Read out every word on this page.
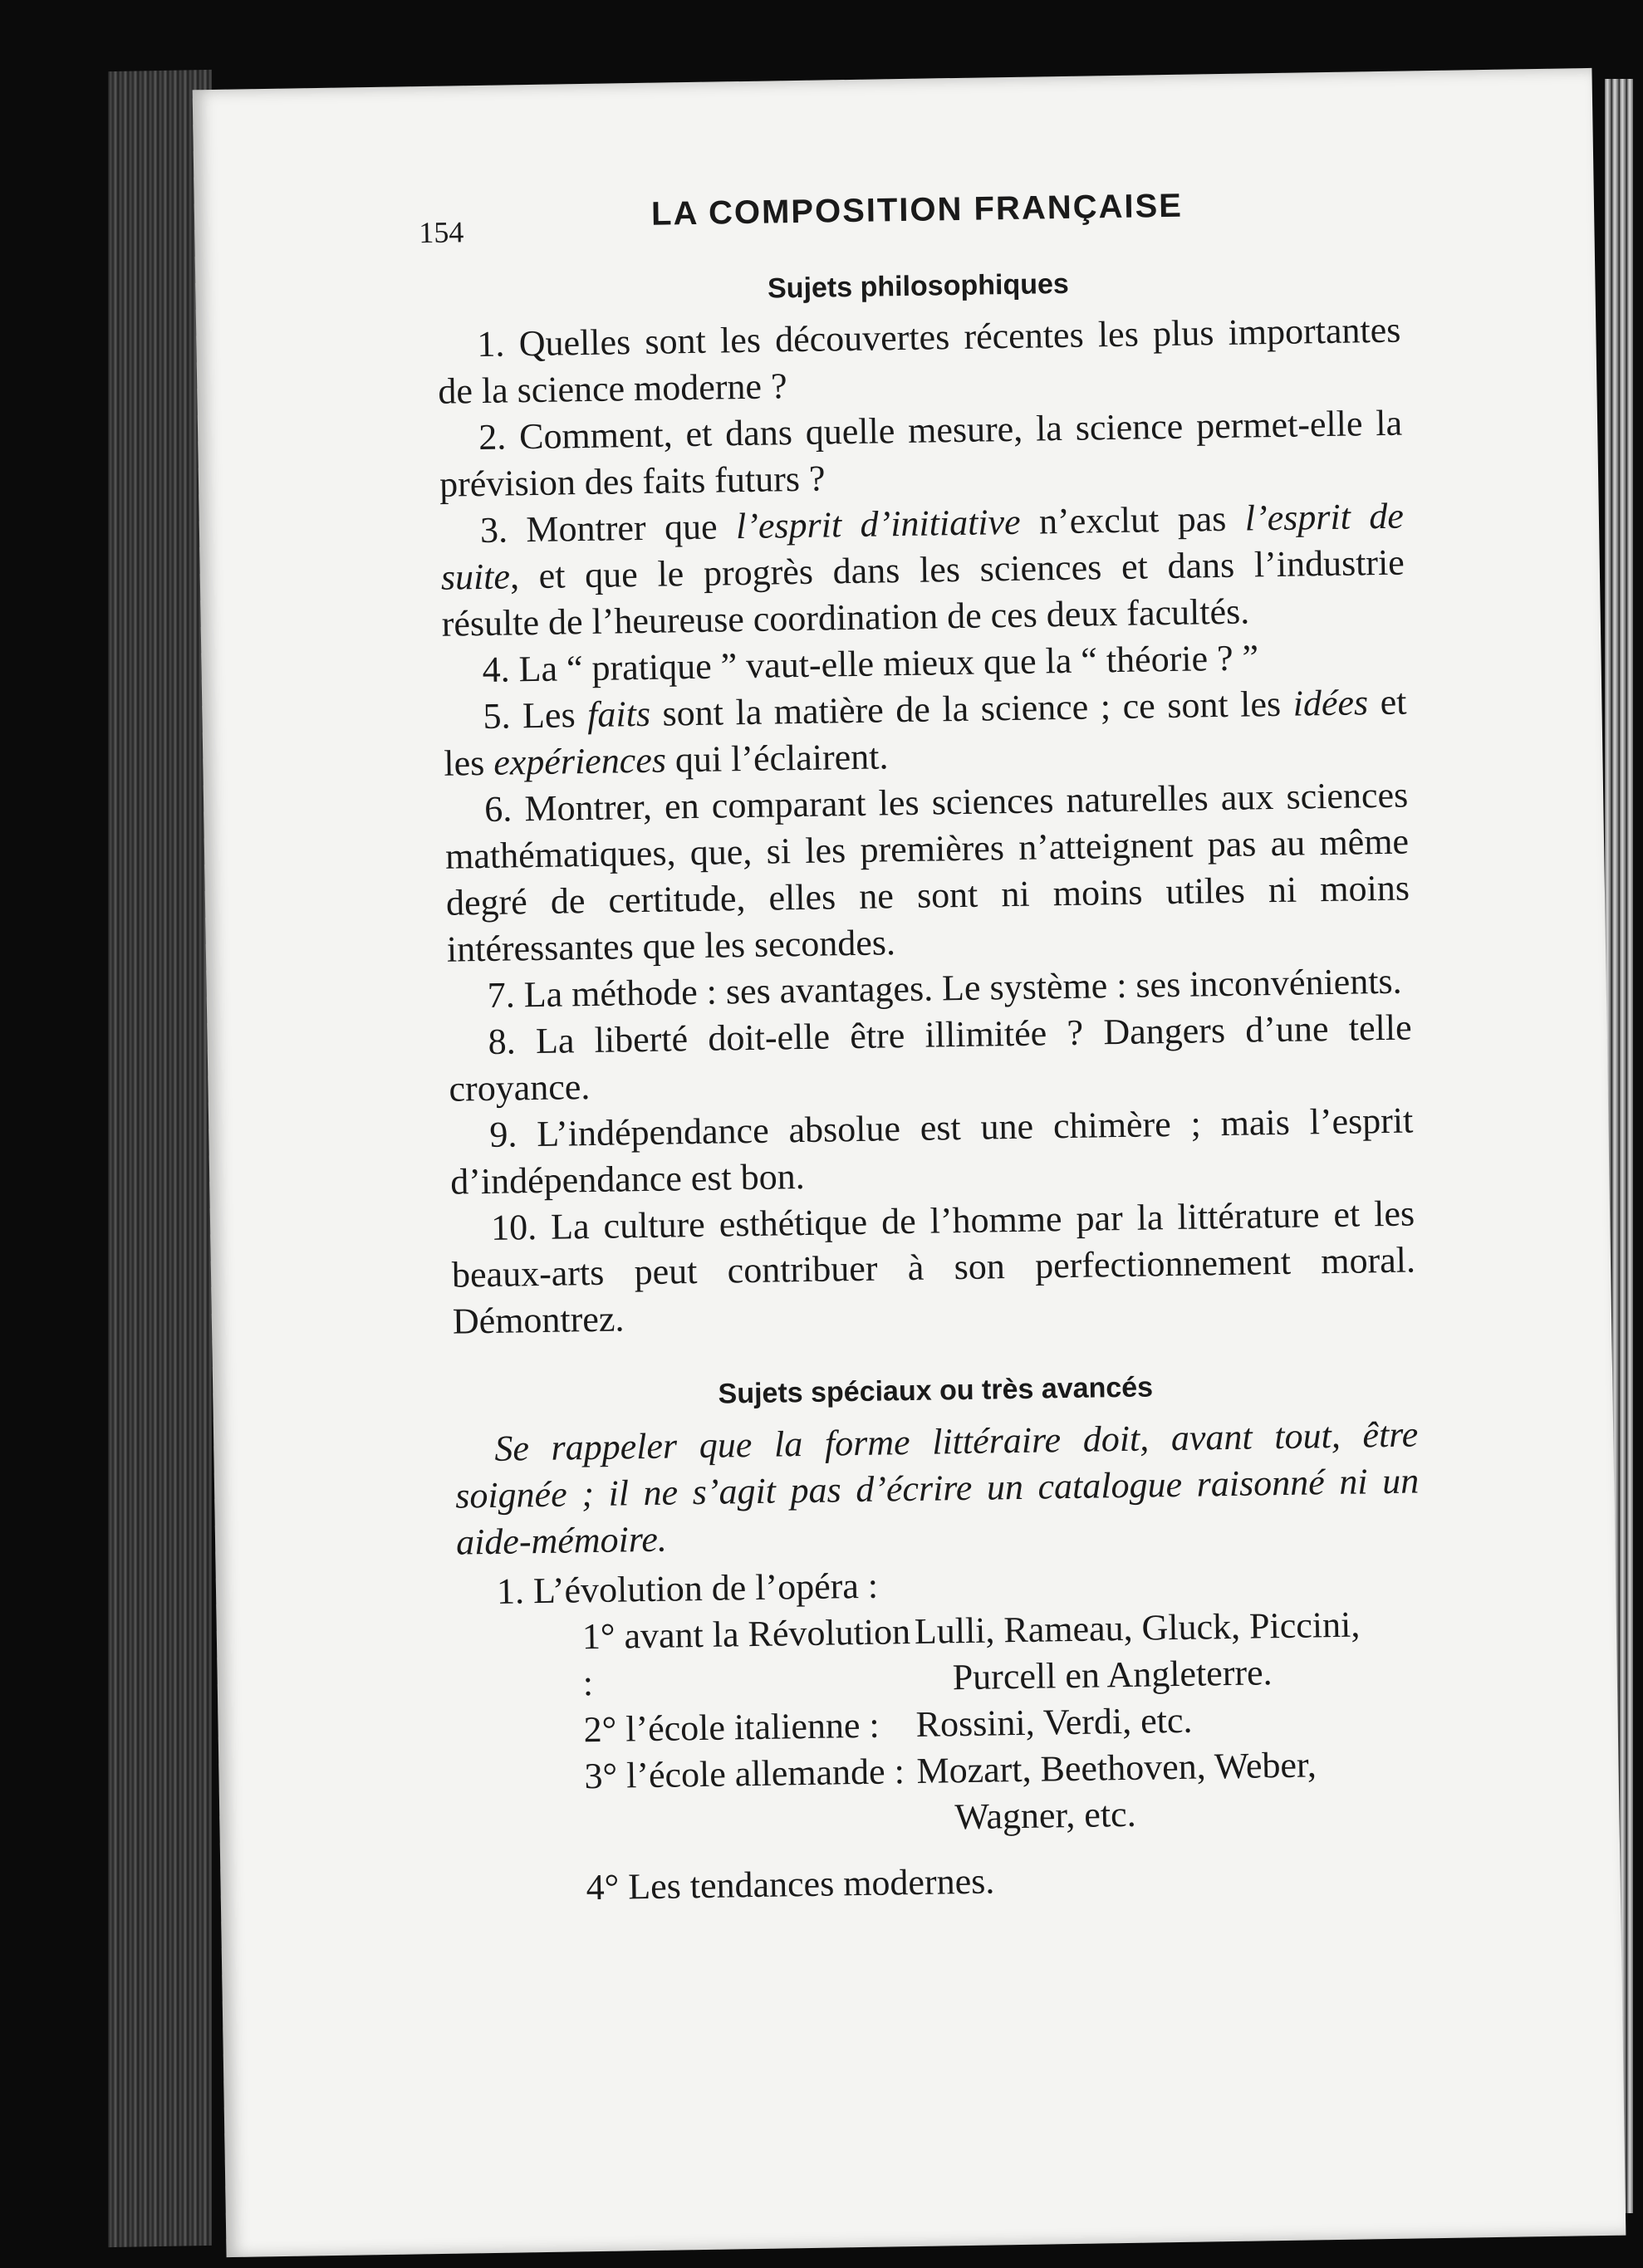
154	LA COMPOSITION FRANÇAISE
Sujets philosophiques

1. Quelles sont les découvertes récentes les plus importantes de la science moderne ?

2. Comment, et dans quelle mesure, la science permet-elle la prévision des faits futurs ?

3. Montrer que l’esprit d’initiative n’exclut pas l’esprit de suite, et que le progrès dans les sciences et dans l’industrie résulte de l’heureuse coordination de ces deux facultés.

4. La “ pratique ” vaut-elle mieux que la “ théorie ? ”

5. Les faits sont la matière de la science ; ce sont les idées et les expériences qui l’éclairent.

6. Montrer, en comparant les sciences naturelles aux sciences mathématiques, que, si les premières n’atteignent pas au même degré de certitude, elles ne sont ni moins utiles ni moins intéressantes que les secondes.

7. La méthode : ses avantages. Le système : ses inconvénients.

8. La liberté doit-elle être illimitée ? Dangers d’une telle croyance.

9. L’indépendance absolue est une chimère ; mais l’esprit d’indépendance est bon.

10. La culture esthétique de l’homme par la littérature et les beaux-arts peut contribuer à son perfectionnement moral. Démontrez.

Sujets spéciaux ou très avancés

Se rappeler que la forme littéraire doit, avant tout, être soignée ; il ne s’agit pas d’écrire un catalogue raisonné ni un aide-mémoire.

1. L’évolution de l’opéra :

1° avant la Révolution :
Lulli, Rameau, Gluck, Piccini,
Purcell en Angleterre.
2° l’école italienne : Rossini, Verdi, etc.
3° l’école allemande : Mozart, Beethoven, Weber,
Wagner, etc.
4° Les tendances modernes.
